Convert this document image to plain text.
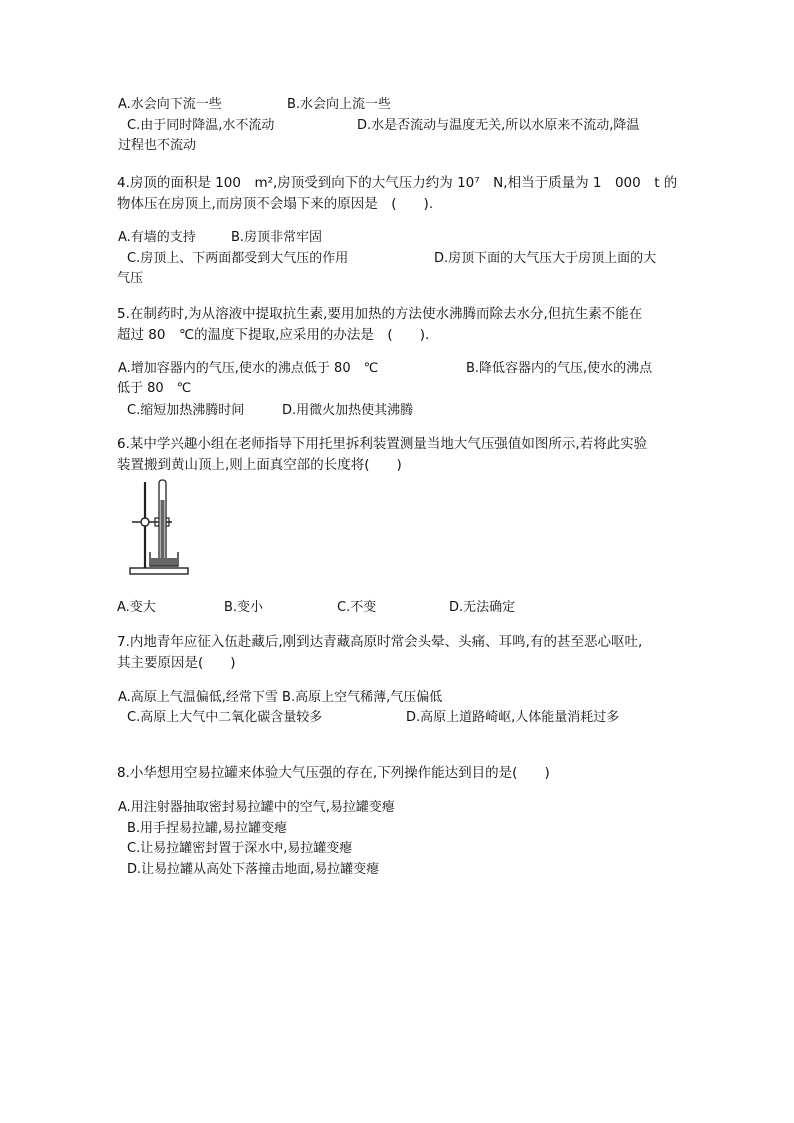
A.水会向下流一些	B.水会向上流一些
C.由于同时降温,水不流动	D.水是否流动与温度无关,所以水原来不流动,降温
过程也不流动
4.房顶的面积是 100　m²,房顶受到向下的大气压力约为 10⁷　N,相当于质量为 1　000　t 的
物体压在房顶上,而房顶不会塌下来的原因是　(　　).
A.有墙的支持	B.房顶非常牢固
C.房顶上、下两面都受到大气压的作用	D.房顶下面的大气压大于房顶上面的大
气压
5.在制药时,为从溶液中提取抗生素,要用加热的方法使水沸腾而除去水分,但抗生素不能在
超过 80　℃的温度下提取,应采用的办法是　(　　).
A.增加容器内的气压,使水的沸点低于 80　℃	B.降低容器内的气压,使水的沸点
低于 80　℃
C.缩短加热沸腾时间	D.用微火加热使其沸腾
6.某中学兴趣小组在老师指导下用托里拆利装置测量当地大气压强值如图所示,若将此实验
装置搬到黄山顶上,则上面真空部的长度将(　　)
A.变大	B.变小	C.不变	D.无法确定
7.内地青年应征入伍赴藏后,刚到达青藏高原时常会头晕、头痛、耳鸣,有的甚至恶心呕吐,
其主要原因是(　　)
A.高原上气温偏低,经常下雪 B.高原上空气稀薄,气压偏低
C.高原上大气中二氧化碳含量较多	D.高原上道路崎岖,人体能量消耗过多
8.小华想用空易拉罐来体验大气压强的存在,下列操作能达到目的是(　　)
A.用注射器抽取密封易拉罐中的空气,易拉罐变瘪
B.用手捏易拉罐,易拉罐变瘪
C.让易拉罐密封置于深水中,易拉罐变瘪
D.让易拉罐从高处下落撞击地面,易拉罐变瘪
